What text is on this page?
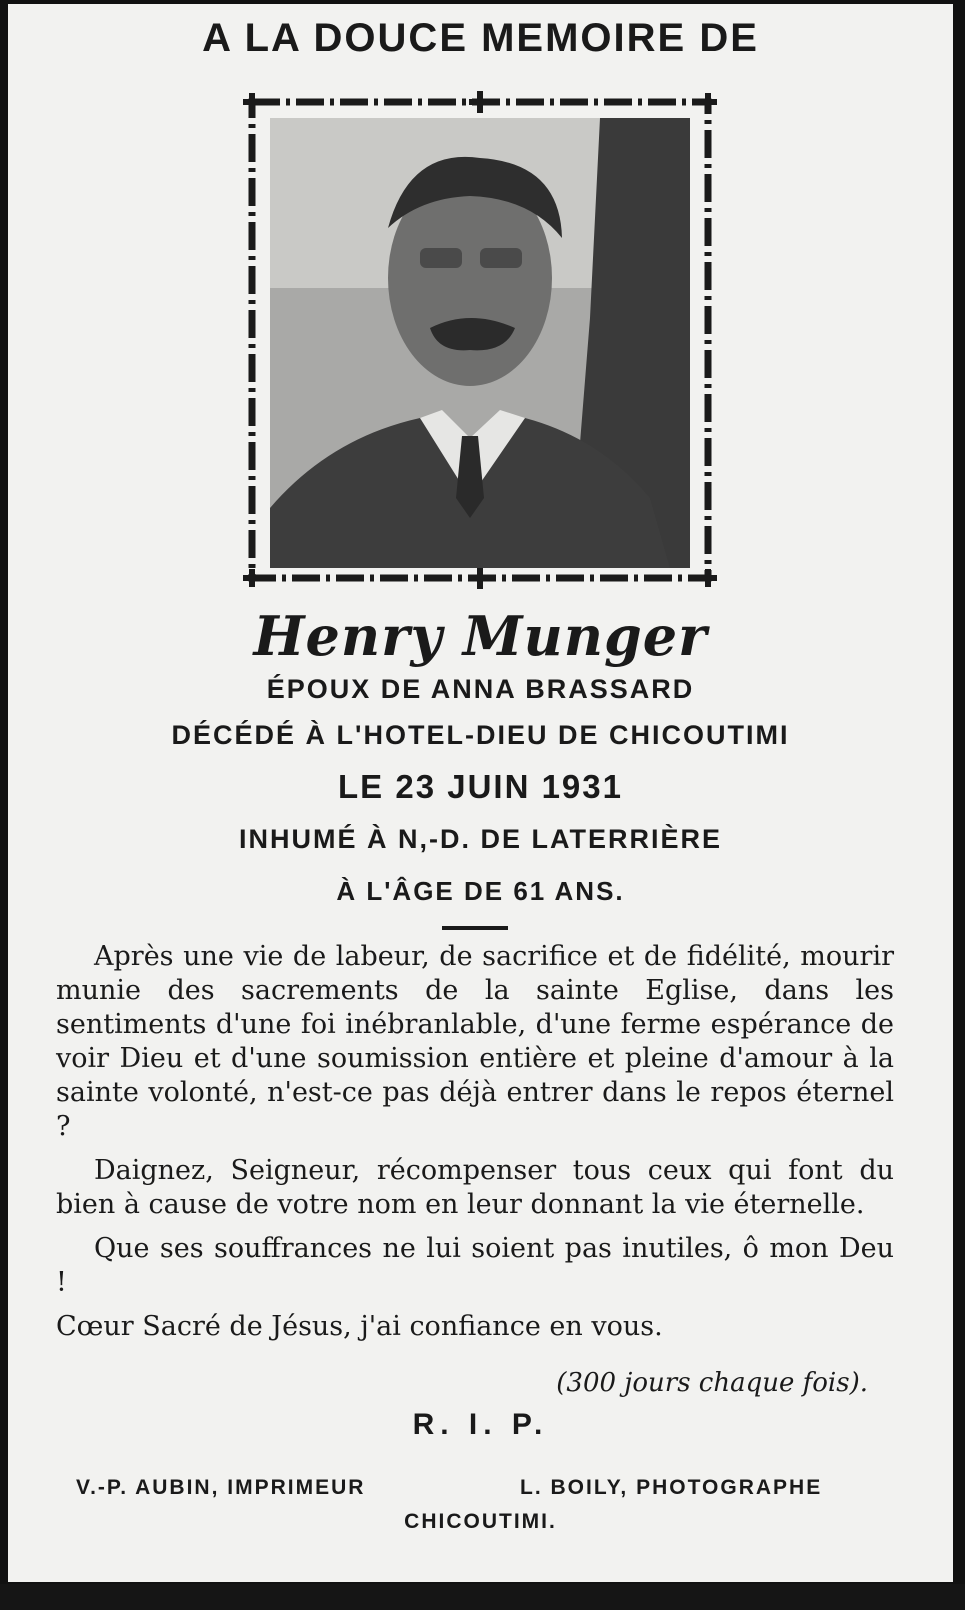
A LA DOUCE MEMOIRE DE
Henry Munger
ÉPOUX DE ANNA BRASSARD
DÉCÉDÉ À L'HOTEL-DIEU DE CHICOUTIMI
LE 23 JUIN 1931
INHUMÉ À N,-D. DE LATERRIÈRE
À L'ÂGE DE 61 ANS.

Après une vie de labeur, de sacrifice et de fidélité, mourir munie des sacrements de la sainte Eglise, dans les sentiments d'une foi inébranlable, d'une ferme espérance de voir Dieu et d'une soumission entière et pleine d'amour à la sainte volonté, n'est-ce pas déjà entrer dans le repos éternel ?

Daignez, Seigneur, récompenser tous ceux qui font du bien à cause de votre nom en leur donnant la vie éternelle.

Que ses souffrances ne lui soient pas inutiles, ô mon Deu !

Cœur Sacré de Jésus, j'ai confiance en vous.

(300 jours chaque fois).
R. I. P.
V.-P. AUBIN, IMPRIMEUR	L. BOILY, PHOTOGRAPHE
CHICOUTIMI.
